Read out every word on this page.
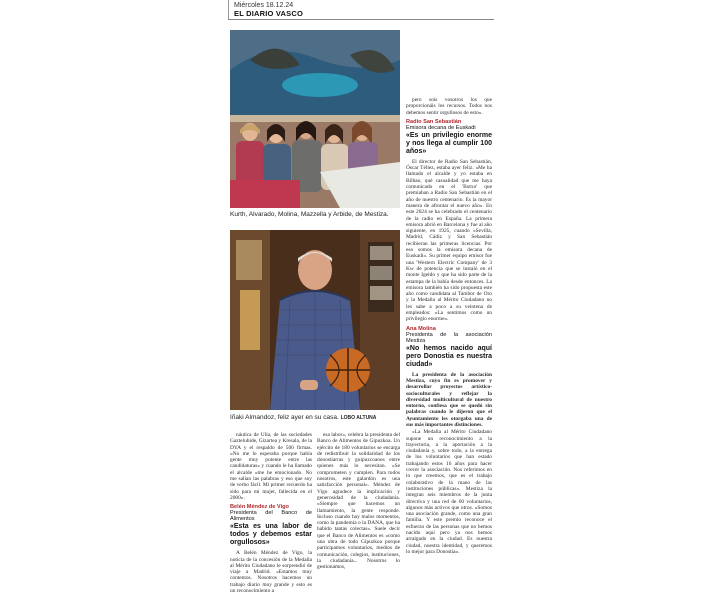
Miércoles 18.12.24
EL DIARIO VASCO
Kurth, Alvarado, Molina, Mazzella y Arbide, de Mestiza.
Iñaki Almandoz, feliz ayer en su casa. LOBO ALTUNA

pero sois vosotros los que proporcionáis los recursos. Todos nos debemos sentir orgullosos de esto».

Radio San Sebastián
Emisora decana de Euskadi
«Es un privilegio enorme y nos llega al cumplir 100 años»

El director de Radio San Sebastián, Óscar Téllez, estaba ayer feliz. «Me ha llamado el alcalde y yo estaba en Bilbao, qué casualidad que me haya comunicado en el 'Botxo' que premiaban a Radio San Sebastián en el año de nuestro centenario. Es la mayor manera de afrontar el nuevo año». En este 2024 se ha celebrado el centenario de la radio en España. La primera emisora abrió en Barcelona y fue al año siguiente, en 1925, cuando «Sevilla, Madrid, Cádiz y San Sebastián recibieran las primeras licencias. Por eso somos la emisora decana de Euskadi». Su primer equipo emisor fue una 'Western Electric Company' de 3 Kw de potencia que se instaló en el monte Igeldo y que ha sido parte de la estampa de la bahía desde entonces. La emisora también ha sido propuesta este año como candidata al Tambor de Oro y la Medalla al Mérito Ciudadano no les sabe a poco a su veintena de empleados: «La sentimos como un privilegio enorme».

Ana Molina
Presidenta de la asociación Mestiza
«No hemos nacido aquí pero Donostia es nuestra ciudad»

La presidenta de la asociación Mestiza, cuyo fin es promover y desarrollar proyectos artístico-socioculturales y reflejar la diversidad multicultural de nuestro entorno, confiesa que se quedó sin palabras cuando le dijeron que el Ayuntamiento les otorgaba una de sus más importantes distinciones.

«La Medalla al Mérito Ciudadano supone un reconocimiento a la trayectoria, a la aportación a la ciudadanía y, sobre todo, a la entrega de los voluntarios que han estado trabajando estos 16 años para hacer crecer la asociación. Nos referimos en lo que creemos, que es el trabajo colaborativo de la mano de las instituciones públicas». Mestiza la integran seis miembros de la junta directiva y una red de 60 voluntarios, algunos más activos que otros. «Somos una asociación grande, como una gran familia. Y este premio reconoce el esfuerzo de las personas que no hemos nacido aquí pero ya nos hemos arraigado en la ciudad. Es nuestra ciudad, nuestra identidad, y queremos lo mejor para Donostia».

náutica de Ulía, de las sociedades Gaztelubide, Gizartea y Kresala, de la DYA y el respaldo de 500 firmas. «No me lo esperaba porque había gente muy potente entre las candidaturas» y cuando le ha llamado el alcalde «me he emocionado. No me salían las palabras y eso que soy de verbo fácil. Mi primer recuerdo ha sido para mi mujer, fallecida en el 2000».

Belén Méndez de Vigo
Presidenta del Banco de Alimentos
«Esta es una labor de todos y debemos estar orgullosos»

A Belén Méndez de Vigo, la noticia de la concesión de la Medalla al Mérito Ciudadano le sorprendió de viaje a Madrid. «Estamos muy contentos. Nosotros hacemos un trabajo diario muy grande y esto es un reconocimiento a

esa labor», celebra la presidenta del Banco de Alimentos de Gipuzkoa. Un ejército de 180 voluntarios se encarga de redistribuir la solidaridad de los donostiarras y guipuzcoanos entre quienes más lo necesitan. «Se comprometen y cumplen. Para todos nosotros, este galardón es una satisfacción personal». Méndez de Vigo agradece la implicación y generosidad de la ciudadanía. «Siempre que hacemos un llamamiento, la gente responde. Incluso cuando hay malos momentos, como la pandemia o la DANA, que ha habido tantas colectas». Suele decir que el Banco de Alimentos es «como una obra de todo Gipuzkoa porque participamos voluntarios, medios de comunicación, colegios, instituciones, la ciudadanía... Nosotros lo gestionamos,
